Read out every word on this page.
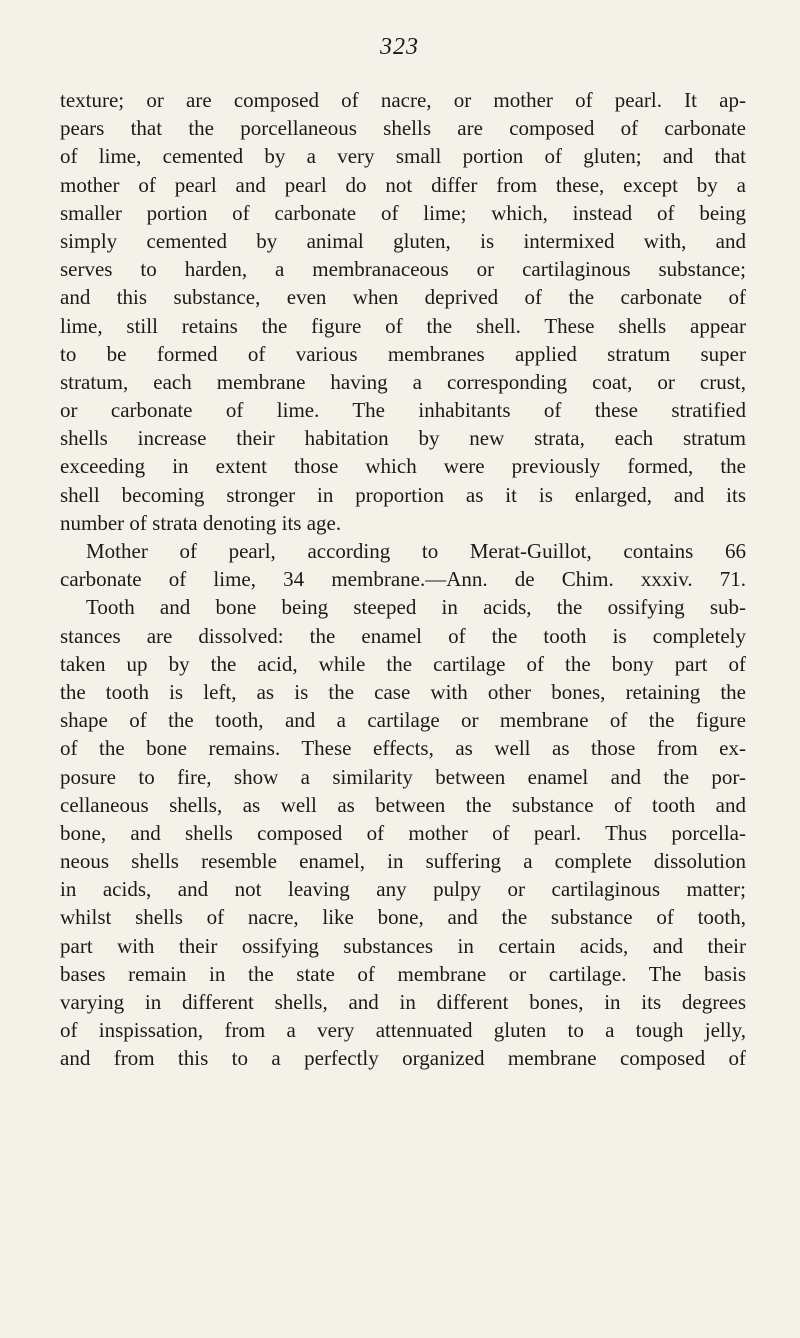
323
texture; or are composed of nacre, or mother of pearl. It ap-
pears that the porcellaneous shells are composed of carbonate
of lime, cemented by a very small portion of gluten; and that
mother of pearl and pearl do not differ from these, except by a
smaller portion of carbonate of lime; which, instead of being
simply cemented by animal gluten, is intermixed with, and
serves to harden, a membranaceous or cartilaginous substance;
and this substance, even when deprived of the carbonate of
lime, still retains the figure of the shell. These shells appear
to be formed of various membranes applied stratum super
stratum, each membrane having a corresponding coat, or crust,
or carbonate of lime. The inhabitants of these stratified
shells increase their habitation by new strata, each stratum
exceeding in extent those which were previously formed, the
shell becoming stronger in proportion as it is enlarged, and its
number of strata denoting its age.
Mother of pearl, according to Merat-Guillot, contains 66
carbonate of lime, 34 membrane.—Ann. de Chim. xxxiv. 71.
Tooth and bone being steeped in acids, the ossifying sub-
stances are dissolved: the enamel of the tooth is completely
taken up by the acid, while the cartilage of the bony part of
the tooth is left, as is the case with other bones, retaining the
shape of the tooth, and a cartilage or membrane of the figure
of the bone remains. These effects, as well as those from ex-
posure to fire, show a similarity between enamel and the por-
cellaneous shells, as well as between the substance of tooth and
bone, and shells composed of mother of pearl. Thus porcella-
neous shells resemble enamel, in suffering a complete dissolution
in acids, and not leaving any pulpy or cartilaginous matter;
whilst shells of nacre, like bone, and the substance of tooth,
part with their ossifying substances in certain acids, and their
bases remain in the state of membrane or cartilage. The basis
varying in different shells, and in different bones, in its degrees
of inspissation, from a very attennuated gluten to a tough jelly,
and from this to a perfectly organized membrane composed of
